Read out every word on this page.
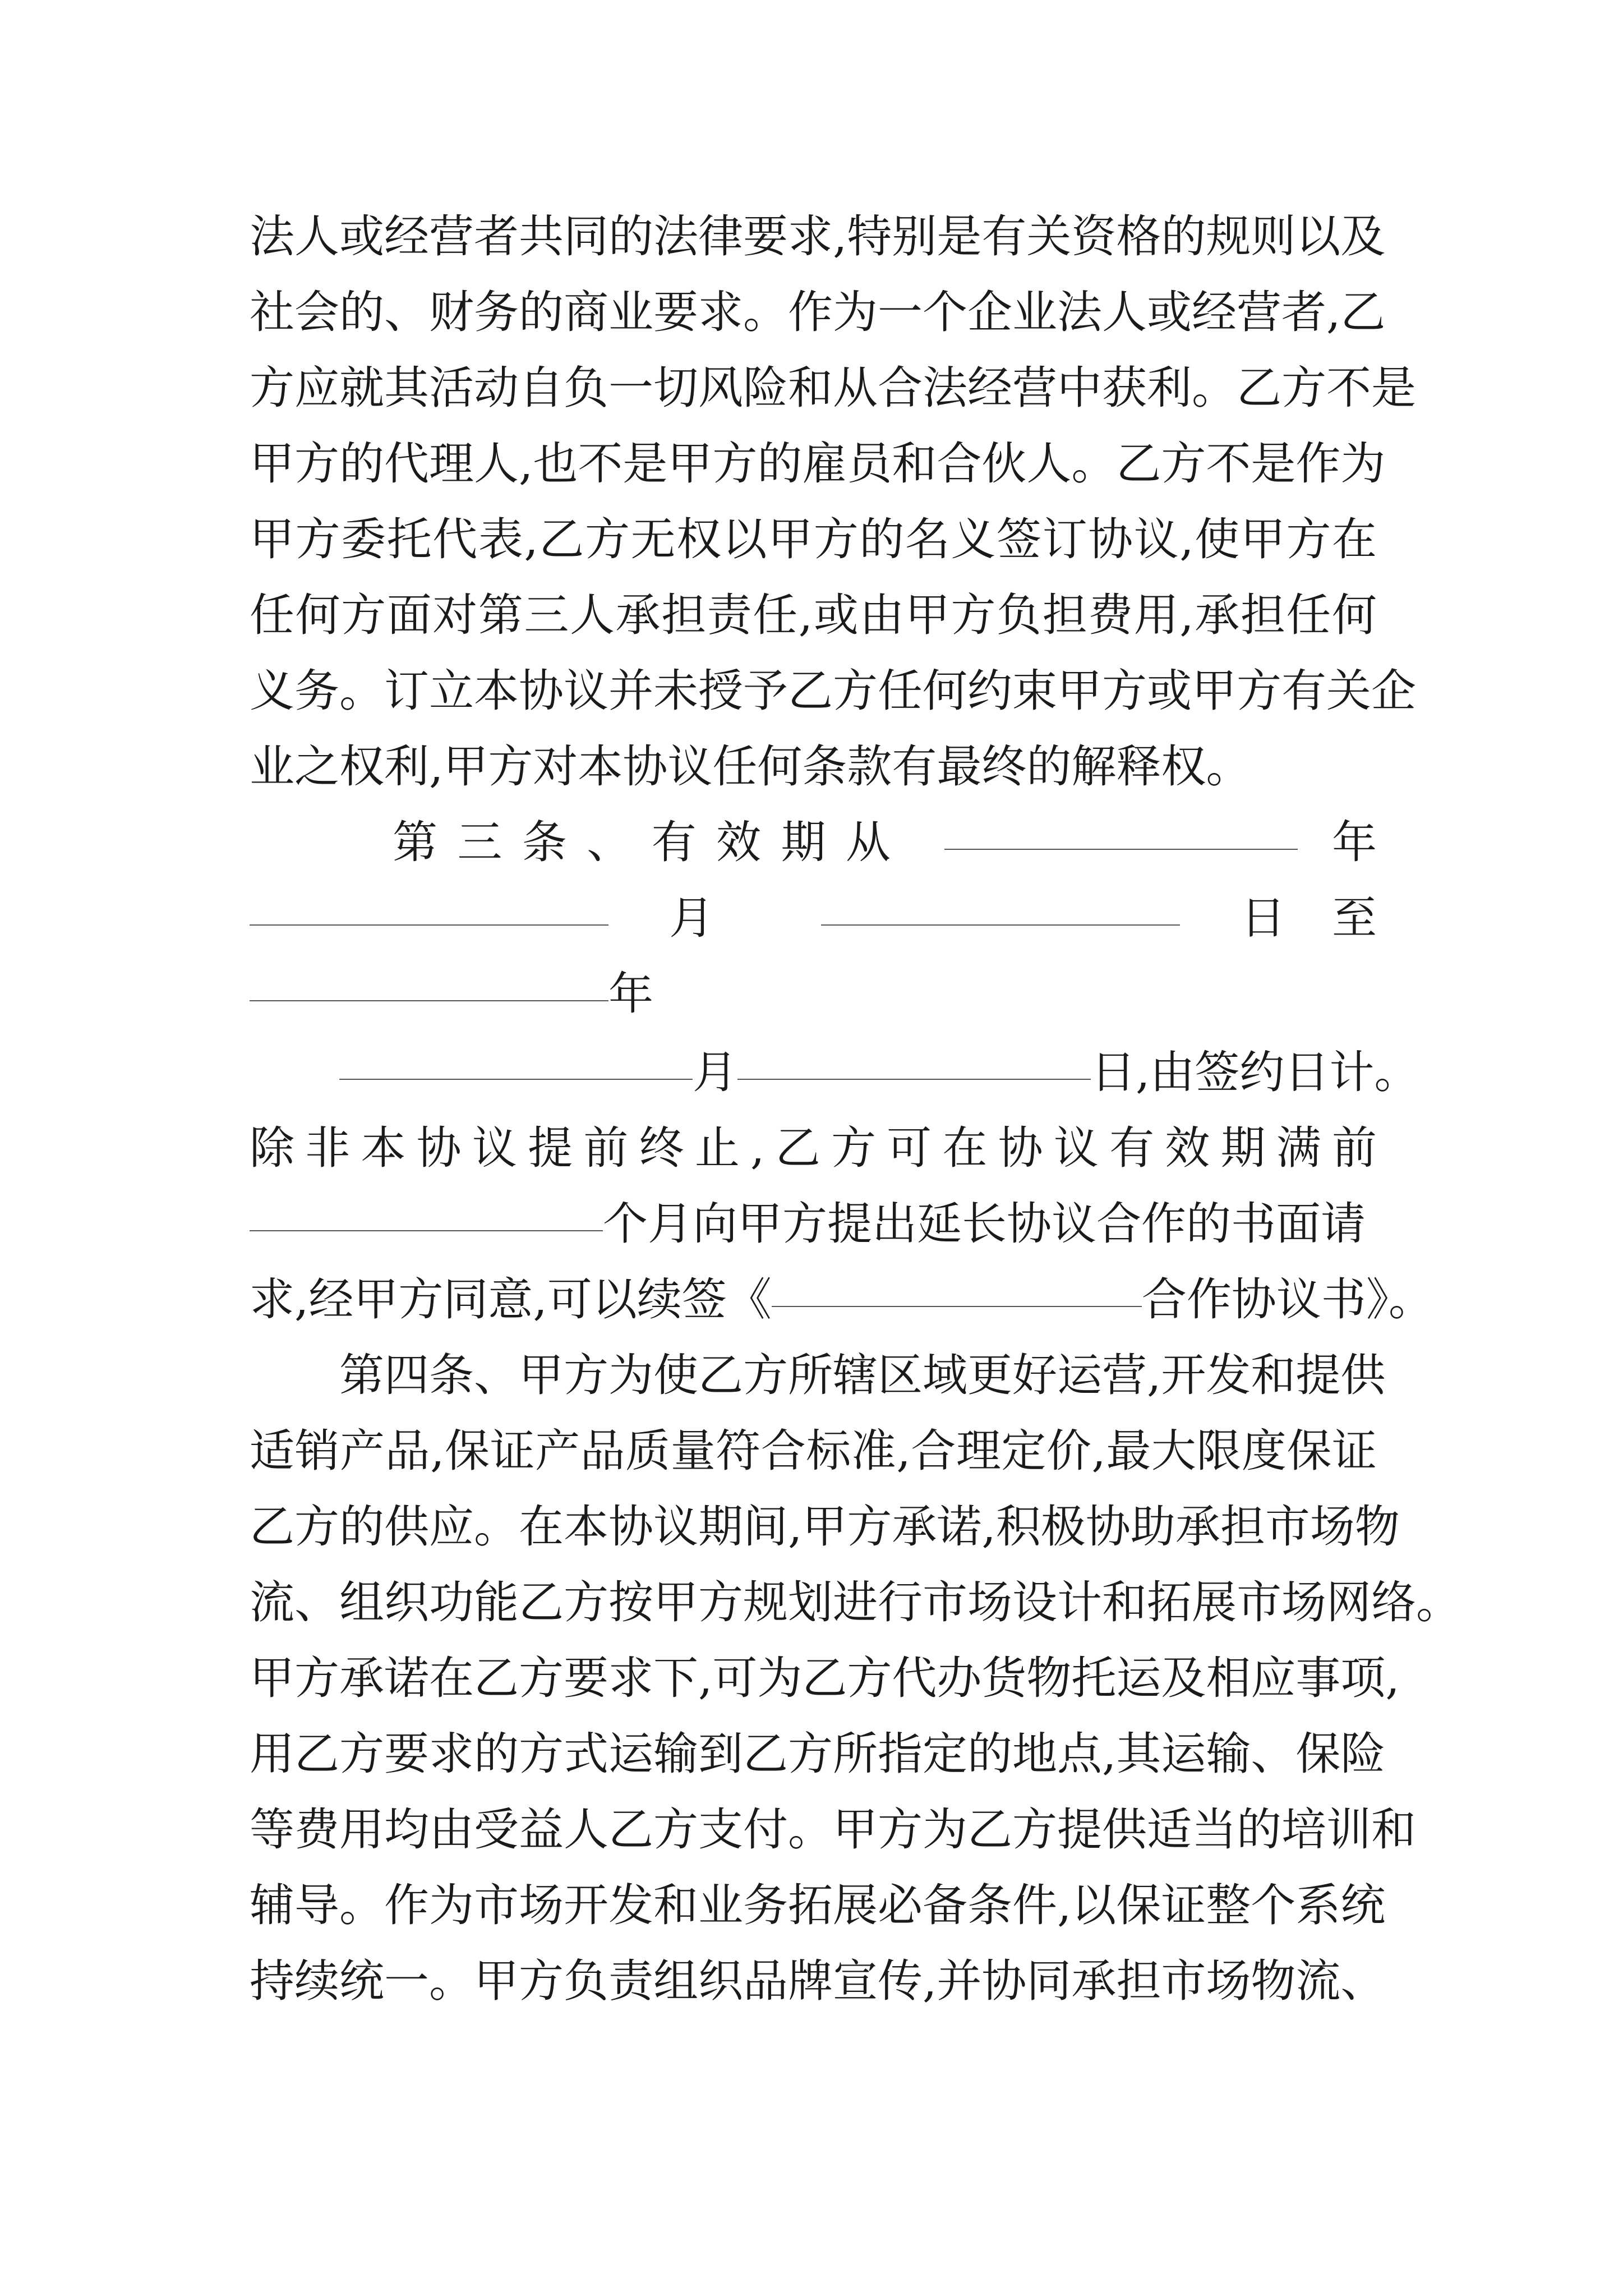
法人或经营者共同的法律要求,特别是有关资格的规则以及
社会的、财务的商业要求。作为一个企业法人或经营者,乙
方应就其活动自负一切风险和从合法经营中获利。乙方不是
甲方的代理人,也不是甲方的雇员和合伙人。乙方不是作为
甲方委托代表,乙方无权以甲方的名义签订协议,使甲方在
任何方面对第三人承担责任,或由甲方负担费用,承担任何
义务。订立本协议并未授予乙方任何约束甲方或甲方有关企
业之权利,甲方对本协议任何条款有最终的解释权。
第三条、有效期从	年
月	日至
年
月	日,由签约日计。
除非本协议提前终止,乙方可在协议有效期满前
个月向甲方提出延长协议合作的书面请
求,经甲方同意,可以续签《	合作协议书》。
第四条、甲方为使乙方所辖区域更好运营,开发和提供
适销产品,保证产品质量符合标准,合理定价,最大限度保证
乙方的供应。在本协议期间,甲方承诺,积极协助承担市场物
流、组织功能乙方按甲方规划进行市场设计和拓展市场网络。
甲方承诺在乙方要求下,可为乙方代办货物托运及相应事项,
用乙方要求的方式运输到乙方所指定的地点,其运输、保险
等费用均由受益人乙方支付。甲方为乙方提供适当的培训和
辅导。作为市场开发和业务拓展必备条件,以保证整个系统
持续统一。甲方负责组织品牌宣传,并协同承担市场物流、
